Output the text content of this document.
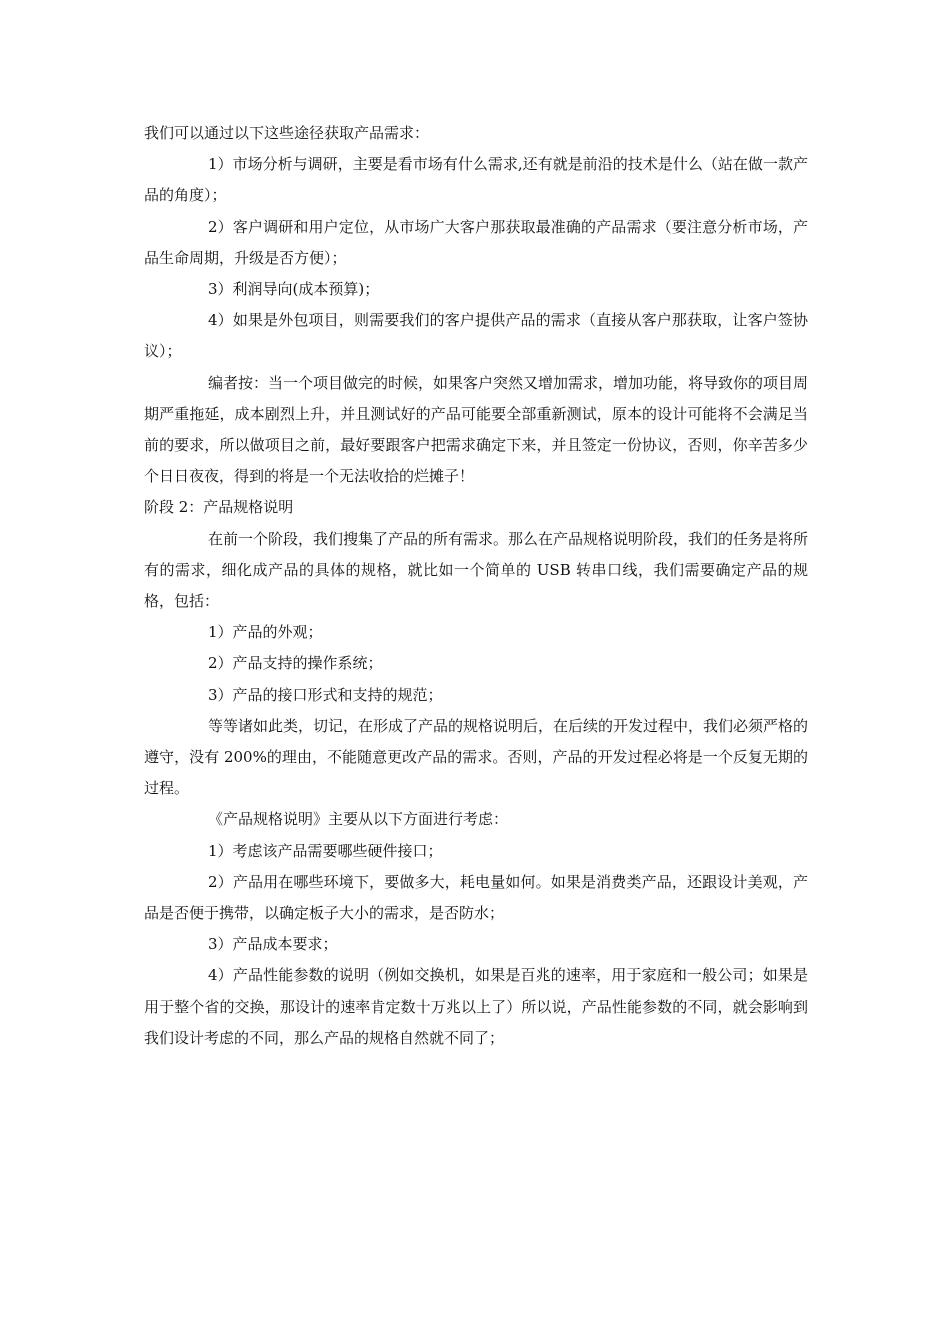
我们可以通过以下这些途径获取产品需求：

1）市场分析与调研，主要是看市场有什么需求,还有就是前沿的技术是什么（站在做一款产品的角度）；

2）客户调研和用户定位，从市场广大客户那获取最准确的产品需求（要注意分析市场，产品生命周期，升级是否方便）；

3）利润导向(成本预算)；

4）如果是外包项目，则需要我们的客户提供产品的需求（直接从客户那获取，让客户签协议）；

编者按：当一个项目做完的时候，如果客户突然又增加需求，增加功能，将导致你的项目周期严重拖延，成本剧烈上升，并且测试好的产品可能要全部重新测试，原本的设计可能将不会满足当前的要求，所以做项目之前，最好要跟客户把需求确定下来，并且签定一份协议，否则，你辛苦多少个日日夜夜，得到的将是一个无法收拾的烂摊子！

阶段 2：产品规格说明

在前一个阶段，我们搜集了产品的所有需求。那么在产品规格说明阶段，我们的任务是将所有的需求，细化成产品的具体的规格，就比如一个简单的 USB 转串口线，我们需要确定产品的规格，包括：

1）产品的外观；

2）产品支持的操作系统；

3）产品的接口形式和支持的规范；

等等诸如此类，切记，在形成了产品的规格说明后，在后续的开发过程中，我们必须严格的遵守，没有 200%的理由，不能随意更改产品的需求。否则，产品的开发过程必将是一个反复无期的过程。

《产品规格说明》主要从以下方面进行考虑：

1）考虑该产品需要哪些硬件接口；

2）产品用在哪些环境下，要做多大，耗电量如何。如果是消费类产品，还跟设计美观，产品是否便于携带，以确定板子大小的需求，是否防水；

3）产品成本要求；

4）产品性能参数的说明（例如交换机，如果是百兆的速率，用于家庭和一般公司；如果是用于整个省的交换，那设计的速率肯定数十万兆以上了）所以说，产品性能参数的不同，就会影响到我们设计考虑的不同，那么产品的规格自然就不同了；
